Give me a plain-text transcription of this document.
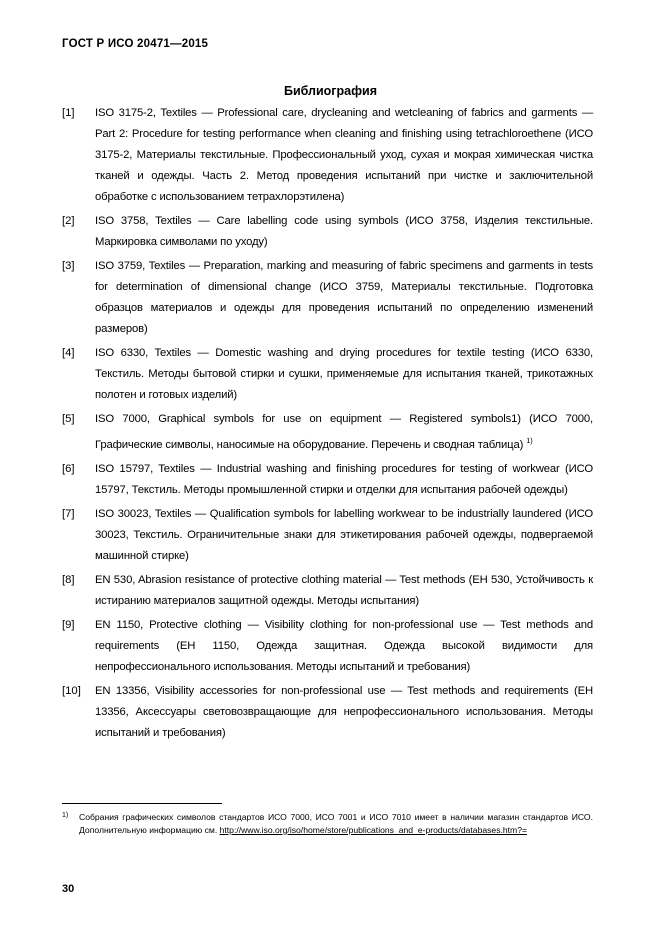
ГОСТ Р ИСО 20471—2015
Библиография
[1]	ISO 3175-2, Textiles — Professional care, drycleaning and wetcleaning of fabrics and garments — Part 2: Procedure for testing performance when cleaning and finishing using tetrachloroethene (ИСО 3175-2, Материалы текстильные. Профессиональный уход, сухая и мокрая химическая чистка тканей и одежды. Часть 2. Метод проведения испытаний при чистке и заключительной обработке с использованием тетрахлорэтилена)
[2]	ISO 3758, Textiles — Care labelling code using symbols (ИСО 3758, Изделия текстильные. Маркировка символами по уходу)
[3]	ISO 3759, Textiles — Preparation, marking and measuring of fabric specimens and garments in tests for determination of dimensional change (ИСО 3759, Материалы текстильные. Подготовка образцов материалов и одежды для проведения испытаний по определению изменений размеров)
[4]	ISO 6330, Textiles — Domestic washing and drying procedures for textile testing (ИСО 6330, Текстиль. Методы бытовой стирки и сушки, применяемые для испытания тканей, трикотажных полотен и готовых изделий)
[5]	ISO 7000, Graphical symbols for use on equipment — Registered symbols1) (ИСО 7000, Графические символы, наносимые на оборудование. Перечень и сводная таблица) $^{1)}$
[6]	ISO 15797, Textiles — Industrial washing and finishing procedures for testing of workwear (ИСО 15797, Текстиль. Методы промышленной стирки и отделки для испытания рабочей одежды)
[7]	ISO 30023, Textiles — Qualification symbols for labelling workwear to be industrially laundered (ИСО 30023, Текстиль. Ограничительные знаки для этикетирования рабочей одежды, подвергаемой машинной стирке)
[8]	EN 530, Abrasion resistance of protective clothing material — Test methods (ЕН 530, Устойчивость к истиранию материалов защитной одежды. Методы испытания)
[9]	EN 1150, Protective clothing — Visibility clothing for non-professional use — Test methods and requirements (ЕН 1150, Одежда защитная. Одежда высокой видимости для непрофессионального использования. Методы испытаний и требования)
[10]	EN 13356, Visibility accessories for non-professional use — Test methods and requirements (ЕН 13356, Аксессуары световозвращающие для непрофессионального использования. Методы испытаний и требования)
1)	Собрания графических символов стандартов ИСО 7000, ИСО 7001 и ИСО 7010 имеет в наличии магазин стандартов ИСО. Дополнительную информацию см. http://www.iso.org/iso/home/store/publications_and_e-products/databases.htm?=
30
